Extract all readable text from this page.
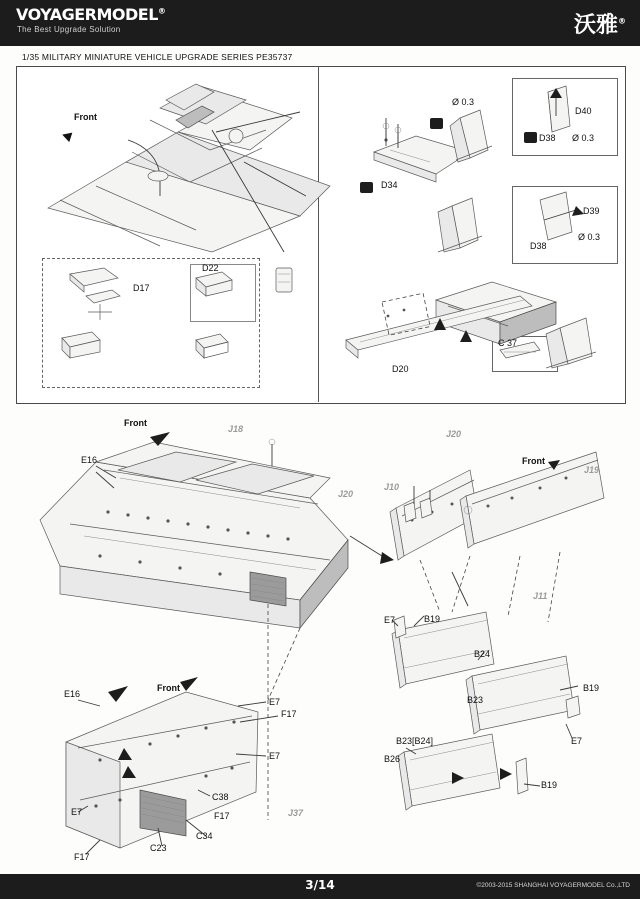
VOYAGERMODEL®
The Best Upgrade Solution	沃雅®
1/35 MILITARY MINIATURE VEHICLE UPGRADE SERIES PE35737
Front
D17
D22
Ø 0.3
D40
D38 Ø 0.3
D34
D39
D38
Ø 0.3
D20
C 37
Front
J18
E16
J20
E16
Front
E7
F17
E7
F17
C38
C34
C23
E7
F17
J37
J20
Front
J19
J10
J11
E7	B19
B24
B23
B19
E7
B23[B24]
B26
B19
3/14	©2003-2015 SHANGHAI VOYAGERMODEL Co.,LTD
